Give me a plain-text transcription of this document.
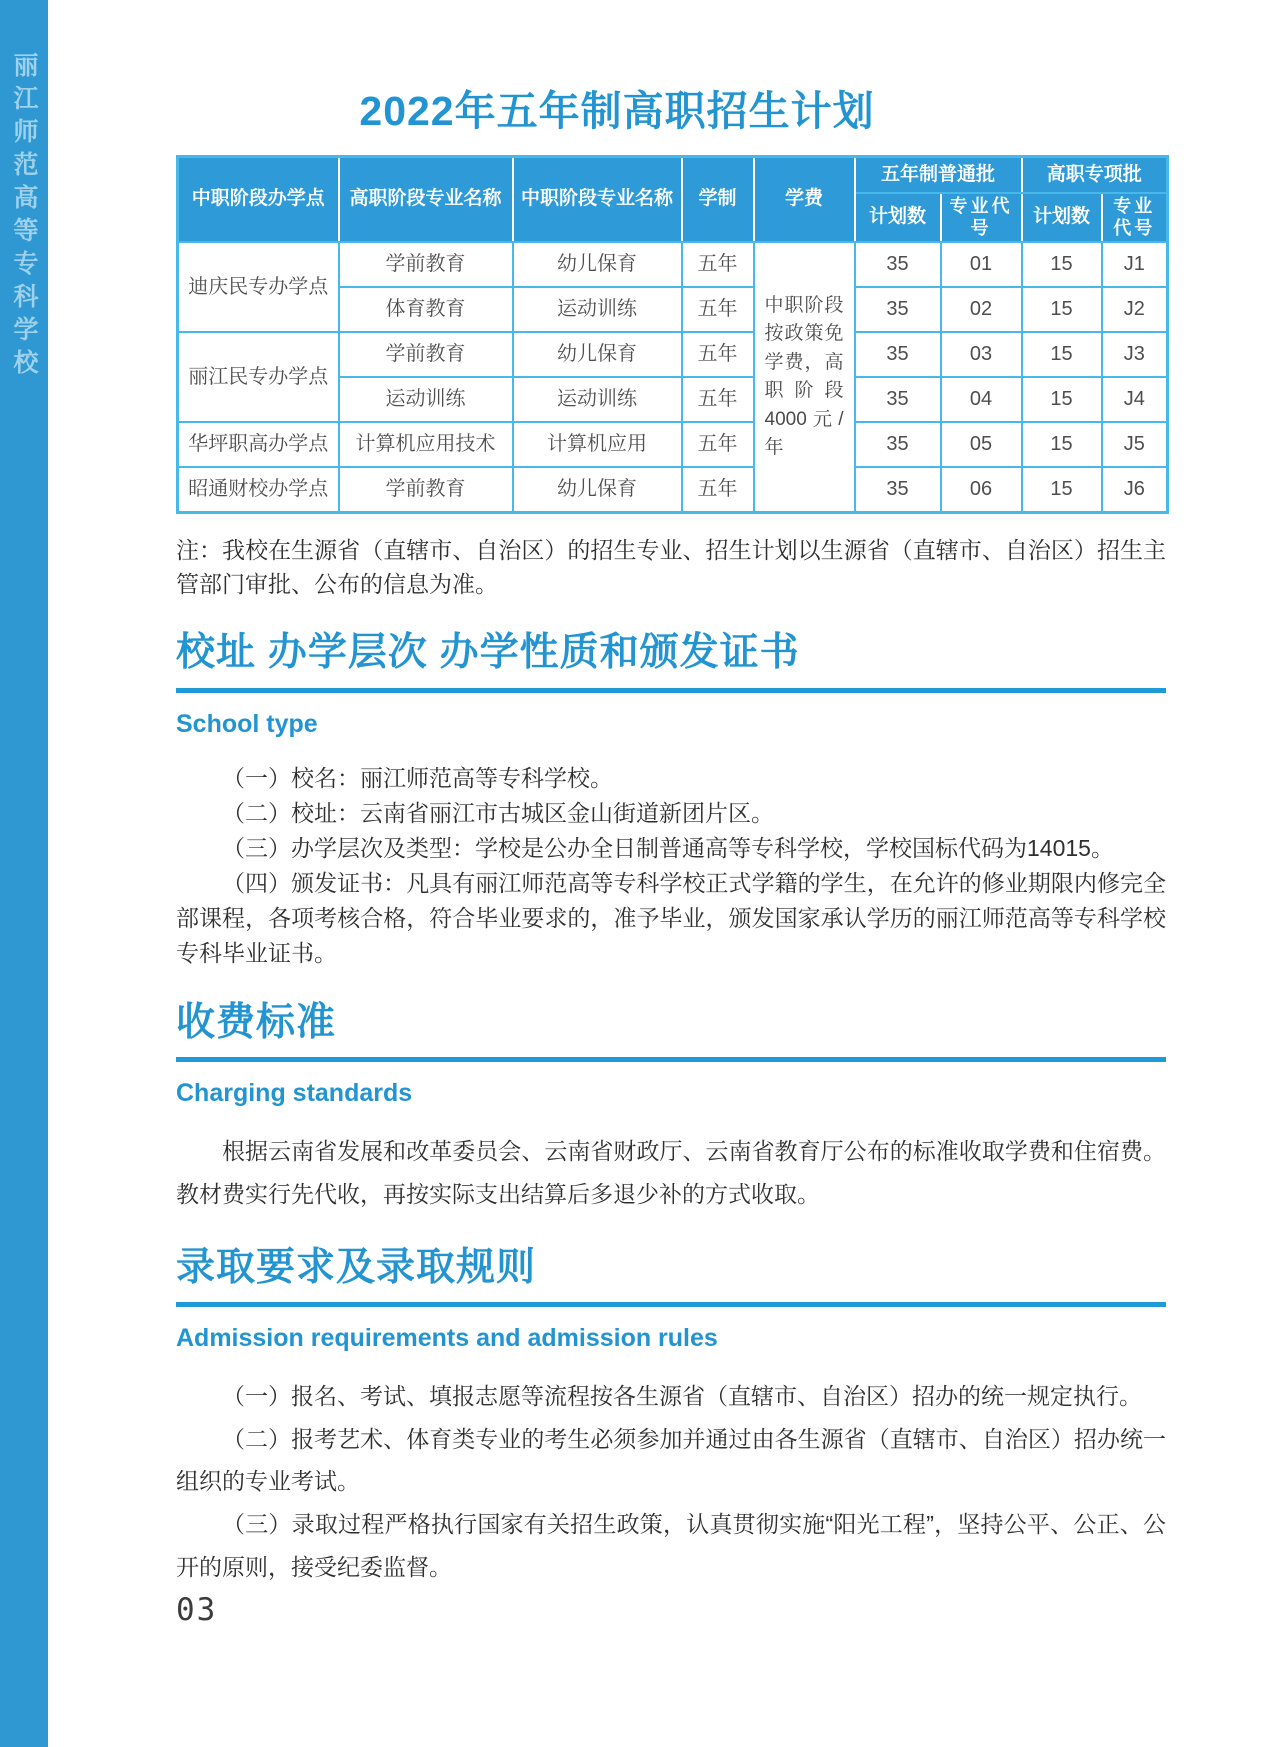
丽江师范高等专科学校	2022年五年制高职招生计划
中职阶段办学点	高职阶段专业名称	中职阶段专业名称	学制	学费	五年制普通批		高职专项批	
					计划数	专业代号	计划数	专业代号
迪庆民专办学点	学前教育	幼儿保育	五年	中职阶段按政策免学费，高职阶段4000元/年	35	01	15	J1
	体育教育	运动训练	五年		35	02	15	J2
丽江民专办学点	学前教育	幼儿保育	五年		35	03	15	J3
	运动训练	运动训练	五年		35	04	15	J4
华坪职高办学点	计算机应用技术	计算机应用	五年		35	05	15	J5
昭通财校办学点	学前教育	幼儿保育	五年		35	06	15	J6

注：我校在生源省（直辖市、自治区）的招生专业、招生计划以生源省（直辖市、自治区）招生主管部门审批、公布的信息为准。

校址 办学层次 办学性质和颁发证书
School type

（一）校名：丽江师范高等专科学校。

（二）校址：云南省丽江市古城区金山街道新团片区。

（三）办学层次及类型：学校是公办全日制普通高等专科学校，学校国标代码为14015。

（四）颁发证书：凡具有丽江师范高等专科学校正式学籍的学生，在允许的修业期限内修完全部课程，各项考核合格，符合毕业要求的，准予毕业，颁发国家承认学历的丽江师范高等专科学校专科毕业证书。

收费标准
Charging standards

根据云南省发展和改革委员会、云南省财政厅、云南省教育厅公布的标准收取学费和住宿费。教材费实行先代收，再按实际支出结算后多退少补的方式收取。

录取要求及录取规则
Admission requirements and admission rules

（一）报名、考试、填报志愿等流程按各生源省（直辖市、自治区）招办的统一规定执行。

（二）报考艺术、体育类专业的考生必须参加并通过由各生源省（直辖市、自治区）招办统一组织的专业考试。

（三）录取过程严格执行国家有关招生政策，认真贯彻实施“阳光工程”，坚持公平、公正、公开的原则，接受纪委监督。

03
